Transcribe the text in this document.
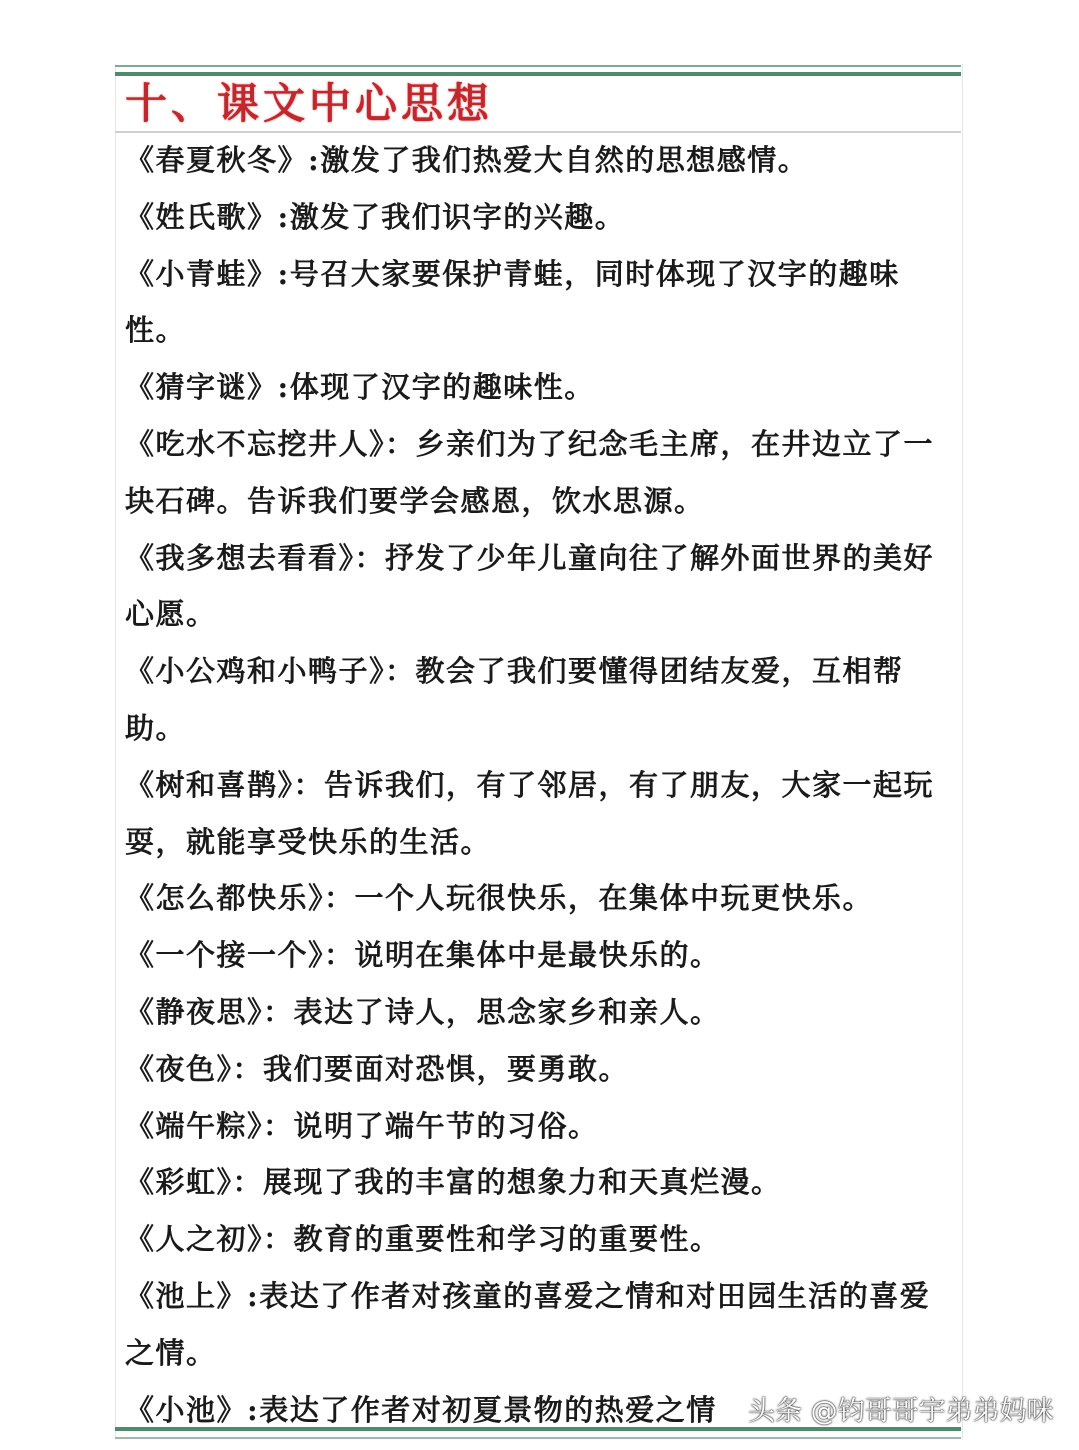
十、课文中心思想

《春夏秋冬》:激发了我们热爱大自然的思想感情。

《姓氏歌》:激发了我们识字的兴趣。

《小青蛙》:号召大家要保护青蛙，同时体现了汉字的趣味性。

《猜字谜》:体现了汉字的趣味性。

《吃水不忘挖井人》：乡亲们为了纪念毛主席，在井边立了一块石碑。告诉我们要学会感恩，饮水思源。

《我多想去看看》：抒发了少年儿童向往了解外面世界的美好心愿。

《小公鸡和小鸭子》：教会了我们要懂得团结友爱，互相帮助。

《树和喜鹊》：告诉我们，有了邻居，有了朋友，大家一起玩耍，就能享受快乐的生活。

《怎么都快乐》：一个人玩很快乐，在集体中玩更快乐。

《一个接一个》：说明在集体中是最快乐的。

《静夜思》：表达了诗人，思念家乡和亲人。

《夜色》：我们要面对恐惧，要勇敢。

《端午粽》：说明了端午节的习俗。

《彩虹》：展现了我的丰富的想象力和天真烂漫。

《人之初》：教育的重要性和学习的重要性。

《池上》:表达了作者对孩童的喜爱之情和对田园生活的喜爱之情。

《小池》:表达了作者对初夏景物的热爱之情	头条 @钧哥哥宇弟弟妈咪
